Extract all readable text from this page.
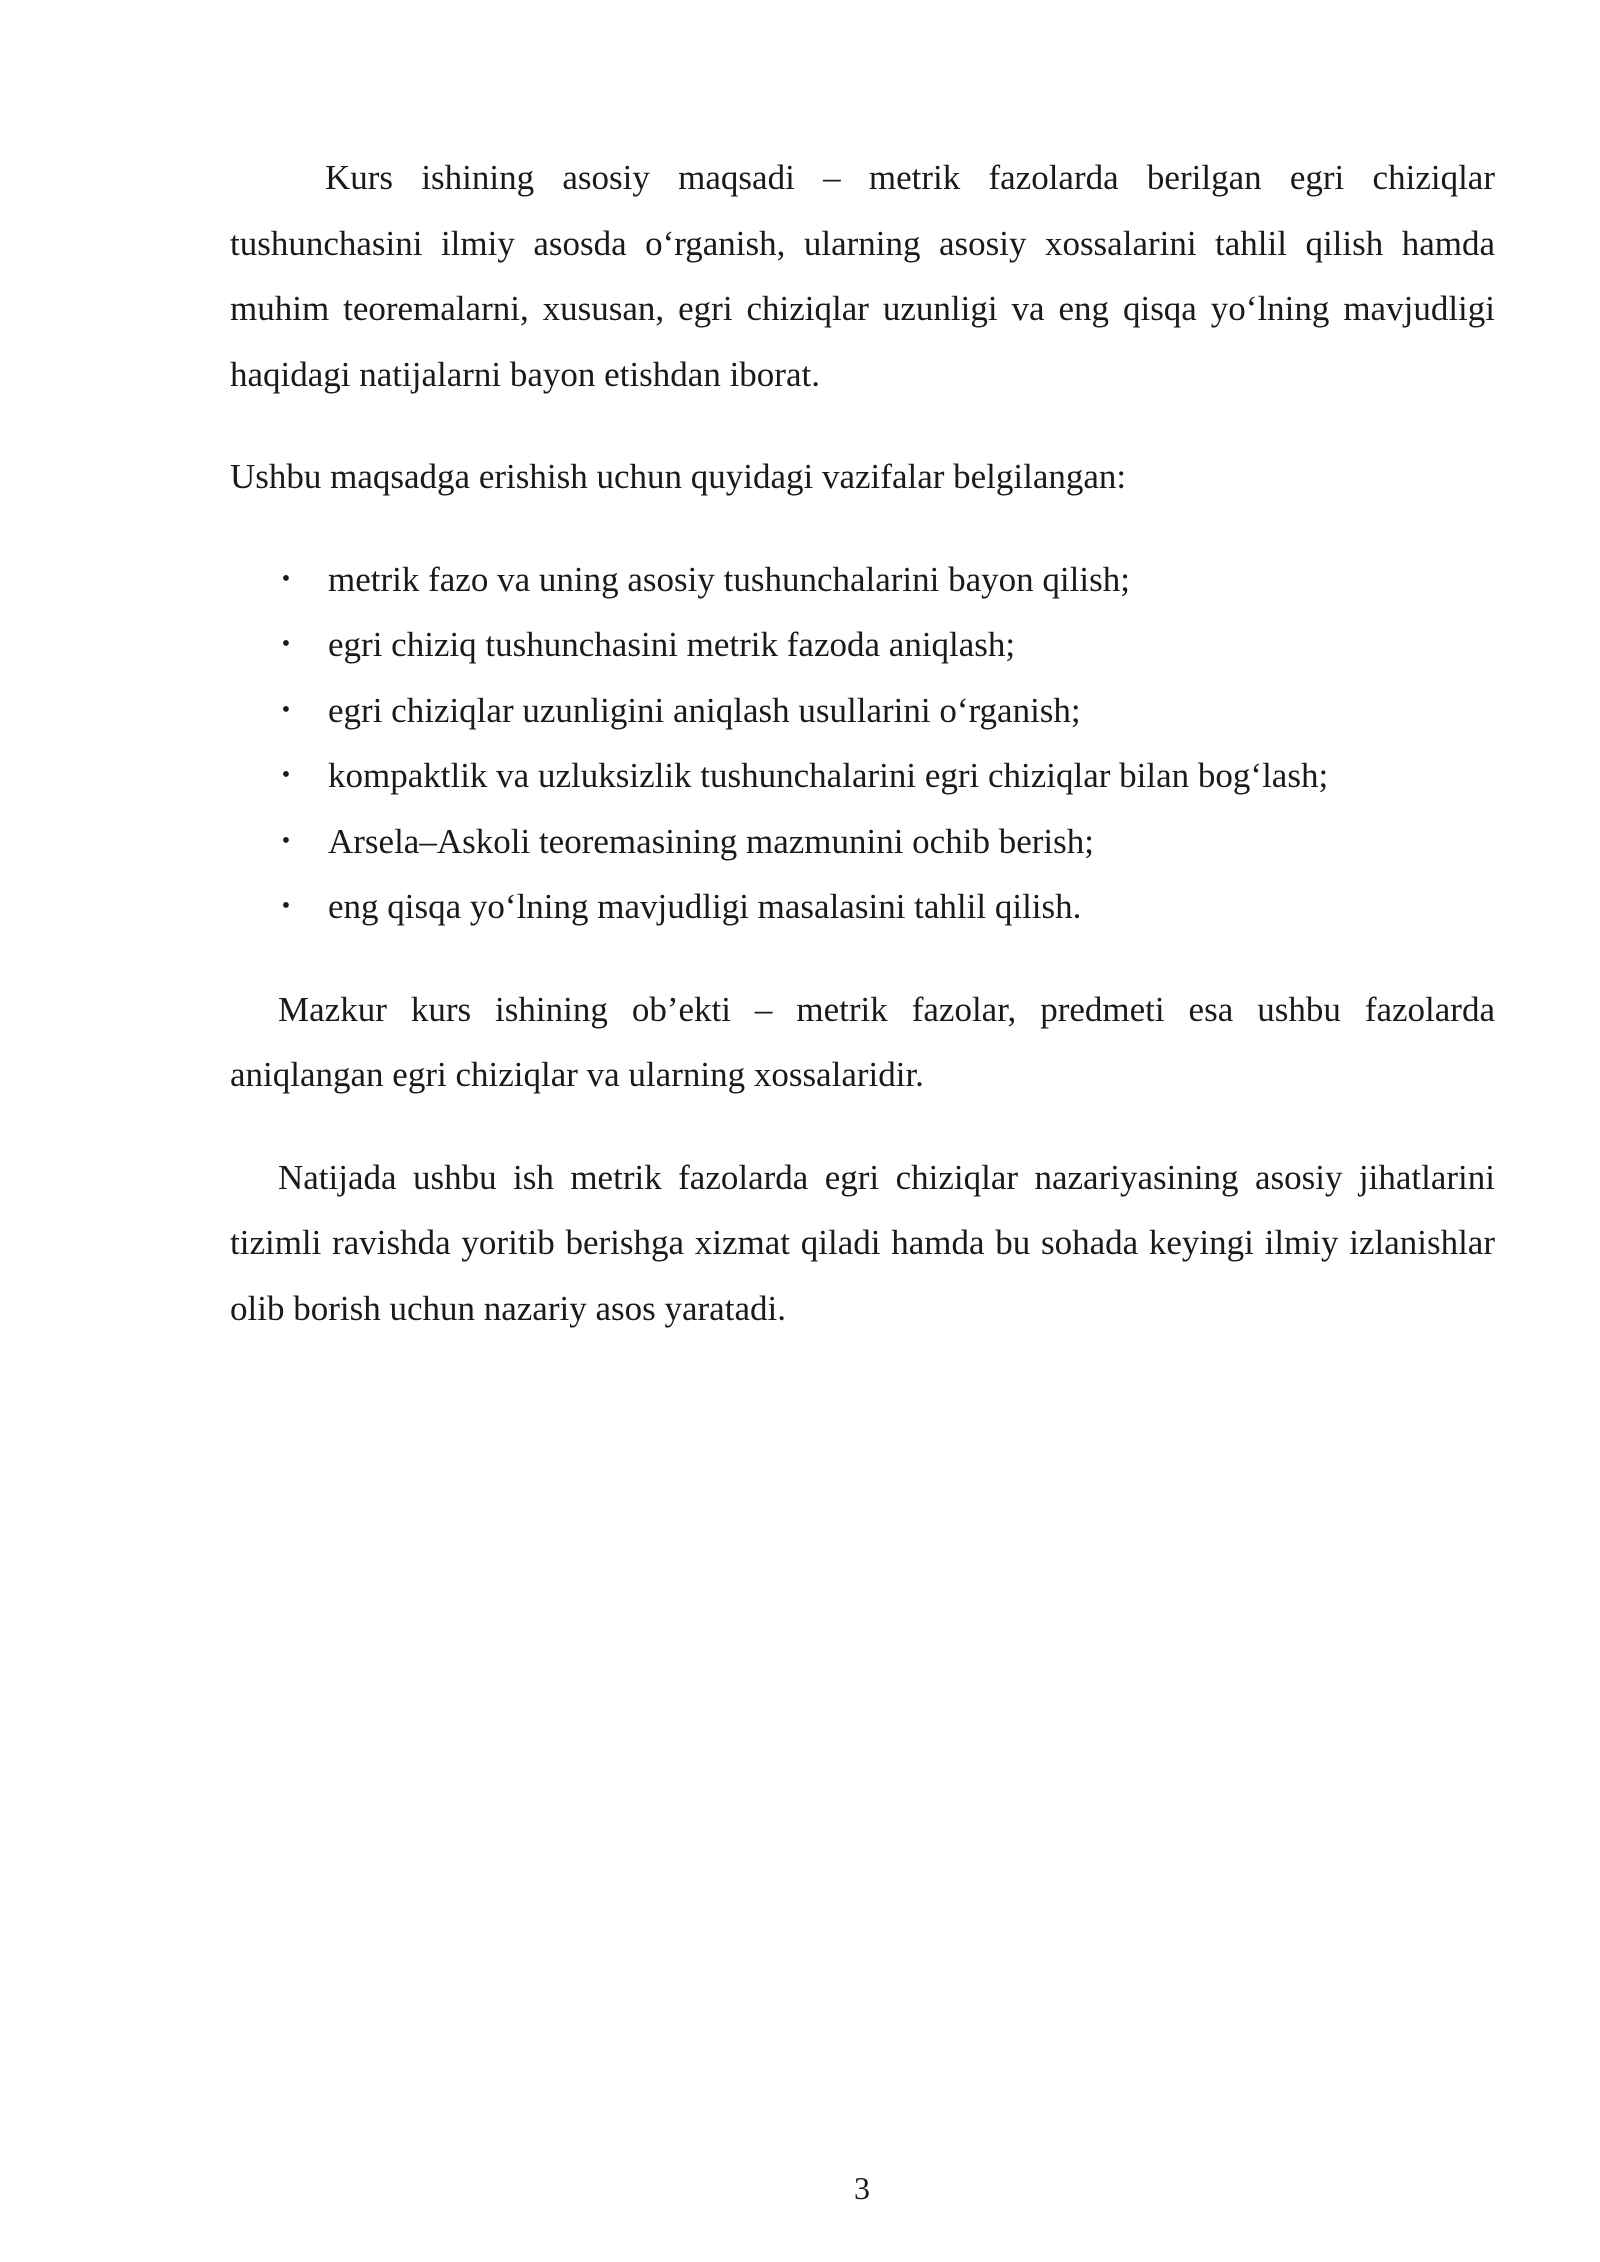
Kurs ishining asosiy maqsadi – metrik fazolarda berilgan egri chiziqlar tushunchasini ilmiy asosda o‘rganish, ularning asosiy xossalarini tahlil qilish hamda muhim teoremalarni, xususan, egri chiziqlar uzunligi va eng qisqa yo‘lning mavjudligi haqidagi natijalarni bayon etishdan iborat.

Ushbu maqsadga erishish uchun quyidagi vazifalar belgilangan:

• metrik fazo va uning asosiy tushunchalarini bayon qilish;
• egri chiziq tushunchasini metrik fazoda aniqlash;
• egri chiziqlar uzunligini aniqlash usullarini o‘rganish;
• kompaktlik va uzluksizlik tushunchalarini egri chiziqlar bilan bog‘lash;
• Arsela–Askoli teoremasining mazmunini ochib berish;
• eng qisqa yo‘lning mavjudligi masalasini tahlil qilish.

Mazkur kurs ishining ob’ekti – metrik fazolar, predmeti esa ushbu fazolarda aniqlangan egri chiziqlar va ularning xossalaridir.

Natijada ushbu ish metrik fazolarda egri chiziqlar nazariyasining asosiy jihatlarini tizimli ravishda yoritib berishga xizmat qiladi hamda bu sohada keyingi ilmiy izlanishlar olib borish uchun nazariy asos yaratadi.

3
